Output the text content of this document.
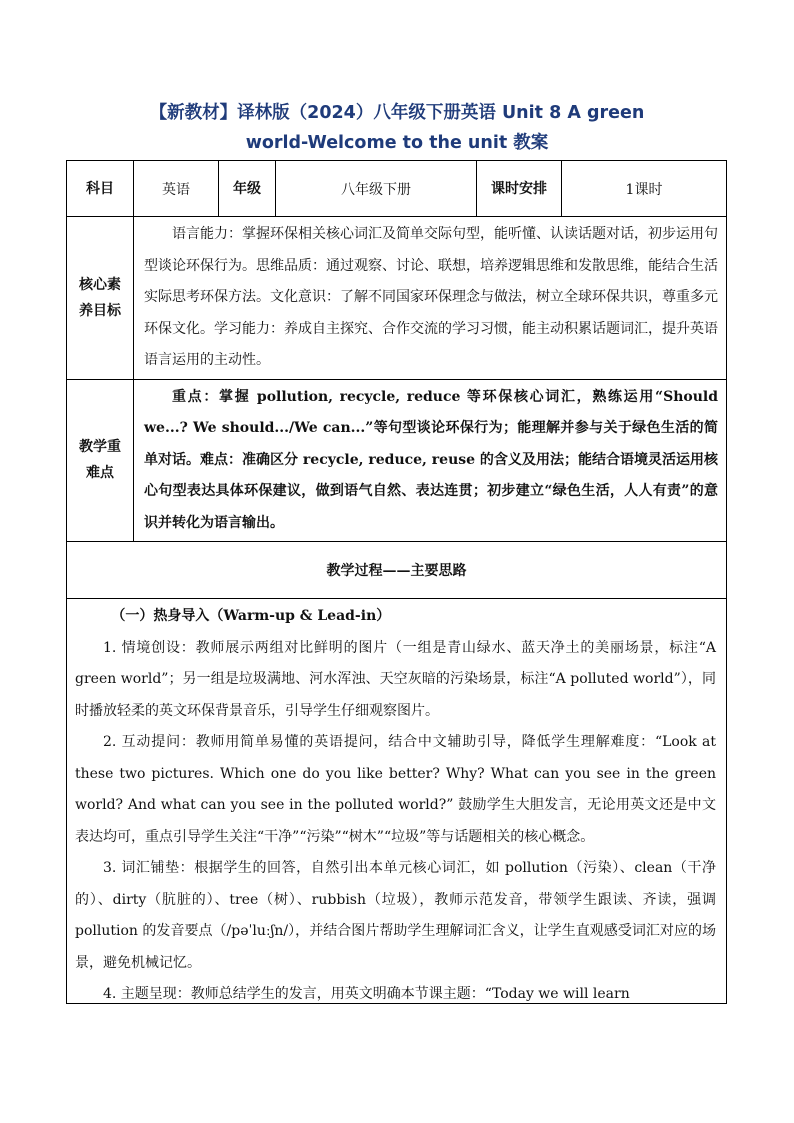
【新教材】译林版（2024）八年级下册英语 Unit 8 A green
world-Welcome to the unit 教案
科目	英语	年级	八年级下册	课时安排	1课时

核心素养目标	语言能力：掌握环保相关核心词汇及简单交际句型，能听懂、认读话题对话，初步运用句型谈论环保行为。思维品质：通过观察、讨论、联想，培养逻辑思维和发散思维，能结合生活实际思考环保方法。文化意识：了解不同国家环保理念与做法，树立全球环保共识，尊重多元环保文化。学习能力：养成自主探究、合作交流的学习习惯，能主动积累话题词汇，提升英语语言运用的主动性。				

教学重难点	重点：掌握 pollution, recycle, reduce 等环保核心词汇，熟练运用“Should we...? We should.../We can...”等句型谈论环保行为；能理解并参与关于绿色生活的简单对话。难点：准确区分 recycle, reduce, reuse 的含义及用法；能结合语境灵活运用核心句型表达具体环保建议，做到语气自然、表达连贯；初步建立“绿色生活，人人有责”的意识并转化为语言输出。				

教学过程——主要思路					

（一）热身导入（Warm-up & Lead-in）

1. 情境创设：教师展示两组对比鲜明的图片（一组是青山绿水、蓝天净土的美丽场景，标注“A green world”；另一组是垃圾满地、河水浑浊、天空灰暗的污染场景，标注“A polluted world”），同时播放轻柔的英文环保背景音乐，引导学生仔细观察图片。

2. 互动提问：教师用简单易懂的英语提问，结合中文辅助引导，降低学生理解难度：“Look at these two pictures. Which one do you like better? Why? What can you see in the green world? And what can you see in the polluted world?” 鼓励学生大胆发言，无论用英文还是中文表达均可，重点引导学生关注“干净”“污染”“树木”“垃圾”等与话题相关的核心概念。

3. 词汇铺垫：根据学生的回答，自然引出本单元核心词汇，如 pollution（污染）、clean（干净的）、dirty（肮脏的）、tree（树）、rubbish（垃圾），教师示范发音，带领学生跟读、齐读，强调 pollution 的发音要点（/pəˈluːʃn/），并结合图片帮助学生理解词汇含义，让学生直观感受词汇对应的场景，避免机械记忆。

4. 主题呈现：教师总结学生的发言，用英文明确本节课主题：“Today we will learn					
